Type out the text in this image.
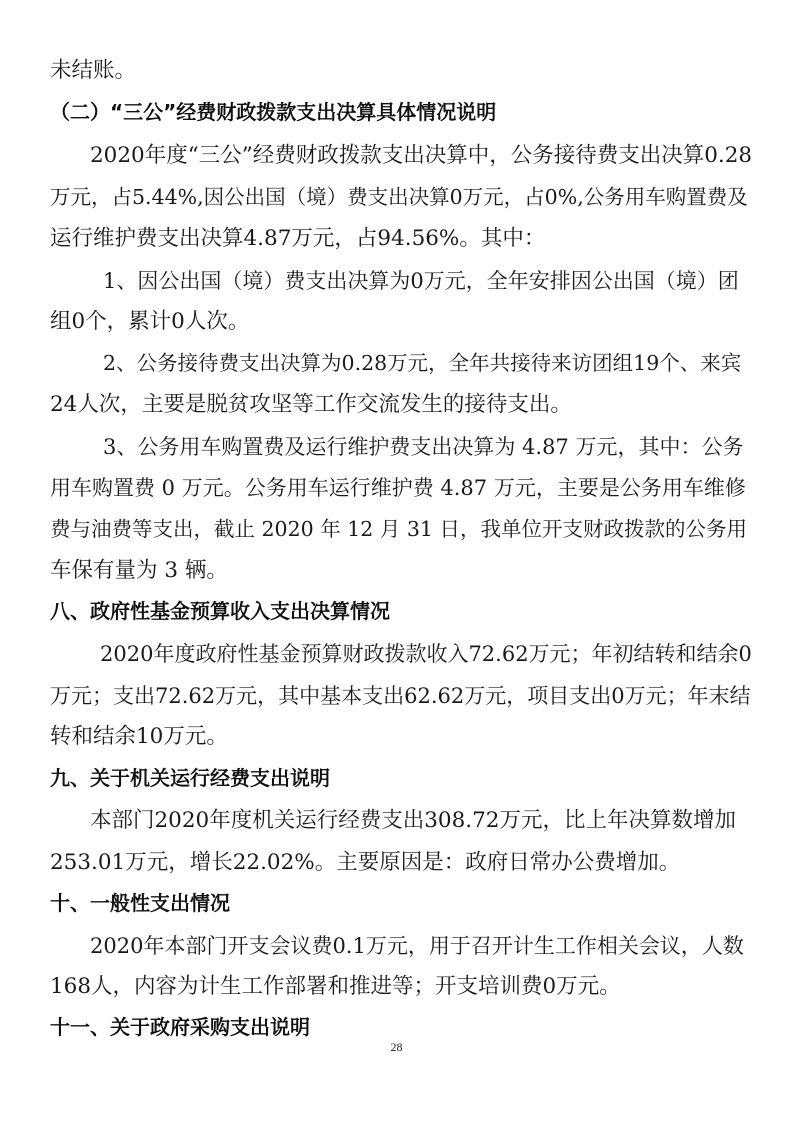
未结账。
（二）“三公”经费财政拨款支出决算具体情况说明
2020年度“三公”经费财政拨款支出决算中，公务接待费支出决算0.28
万元，占5.44%,因公出国（境）费支出决算0万元，占0%,公务用车购置费及
运行维护费支出决算4.87万元，占94.56%。其中：
1、因公出国（境）费支出决算为0万元，全年安排因公出国（境）团
组0个，累计0人次。
2、公务接待费支出决算为0.28万元，全年共接待来访团组19个、来宾
24人次，主要是脱贫攻坚等工作交流发生的接待支出。
3、公务用车购置费及运行维护费支出决算为 4.87 万元，其中：公务
用车购置费 0 万元。公务用车运行维护费 4.87 万元，主要是公务用车维修
费与油费等支出，截止 2020 年 12 月 31 日，我单位开支财政拨款的公务用
车保有量为 3 辆。
八、政府性基金预算收入支出决算情况
2020年度政府性基金预算财政拨款收入72.62万元；年初结转和结余0
万元；支出72.62万元，其中基本支出62.62万元，项目支出0万元；年末结
转和结余10万元。
九、关于机关运行经费支出说明
本部门2020年度机关运行经费支出308.72万元，比上年决算数增加
253.01万元，增长22.02%。主要原因是：政府日常办公费增加。
十、一般性支出情况
2020年本部门开支会议费0.1万元，用于召开计生工作相关会议，人数
168人，内容为计生工作部署和推进等；开支培训费0万元。
十一、关于政府采购支出说明
28
